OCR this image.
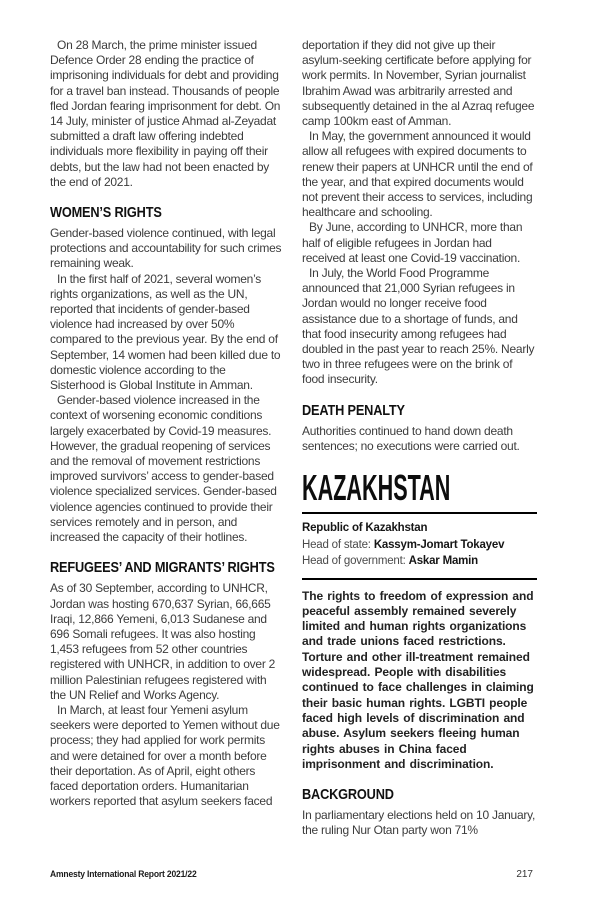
On 28 March, the prime minister issued Defence Order 28 ending the practice of imprisoning individuals for debt and providing for a travel ban instead. Thousands of people fled Jordan fearing imprisonment for debt. On 14 July, minister of justice Ahmad al-Zeyadat submitted a draft law offering indebted individuals more flexibility in paying off their debts, but the law had not been enacted by the end of 2021.

WOMEN’S RIGHTS

Gender-based violence continued, with legal protections and accountability for such crimes remaining weak.

In the first half of 2021, several women’s rights organizations, as well as the UN, reported that incidents of gender-based violence had increased by over 50% compared to the previous year. By the end of September, 14 women had been killed due to domestic violence according to the Sisterhood is Global Institute in Amman.

Gender-based violence increased in the context of worsening economic conditions largely exacerbated by Covid-19 measures. However, the gradual reopening of services and the removal of movement restrictions improved survivors’ access to gender-based violence specialized services. Gender-based violence agencies continued to provide their services remotely and in person, and increased the capacity of their hotlines.

REFUGEES’ AND MIGRANTS’ RIGHTS

As of 30 September, according to UNHCR, Jordan was hosting 670,637 Syrian, 66,665 Iraqi, 12,866 Yemeni, 6,013 Sudanese and 696 Somali refugees. It was also hosting 1,453 refugees from 52 other countries registered with UNHCR, in addition to over 2 million Palestinian refugees registered with the UN Relief and Works Agency.

In March, at least four Yemeni asylum seekers were deported to Yemen without due process; they had applied for work permits and were detained for over a month before their deportation. As of April, eight others faced deportation orders. Humanitarian workers reported that asylum seekers faced

deportation if they did not give up their asylum-seeking certificate before applying for work permits. In November, Syrian journalist Ibrahim Awad was arbitrarily arrested and subsequently detained in the al Azraq refugee camp 100km east of Amman.

In May, the government announced it would allow all refugees with expired documents to renew their papers at UNHCR until the end of the year, and that expired documents would not prevent their access to services, including healthcare and schooling.

By June, according to UNHCR, more than half of eligible refugees in Jordan had received at least one Covid-19 vaccination.

In July, the World Food Programme announced that 21,000 Syrian refugees in Jordan would no longer receive food assistance due to a shortage of funds, and that food insecurity among refugees had doubled in the past year to reach 25%. Nearly two in three refugees were on the brink of food insecurity.

DEATH PENALTY

Authorities continued to hand down death sentences; no executions were carried out.

KAZAKHSTAN
Republic of Kazakhstan
Head of state: Kassym-Jomart Tokayev
Head of government: Askar Mamin

The rights to freedom of expression and peaceful assembly remained severely limited and human rights organizations and trade unions faced restrictions. Torture and other ill-treatment remained widespread. People with disabilities continued to face challenges in claiming their basic human rights. LGBTI people faced high levels of discrimination and abuse. Asylum seekers fleeing human rights abuses in China faced imprisonment and discrimination.

BACKGROUND

In parliamentary elections held on 10 January, the ruling Nur Otan party won 71%

Amnesty International Report 2021/22	217
